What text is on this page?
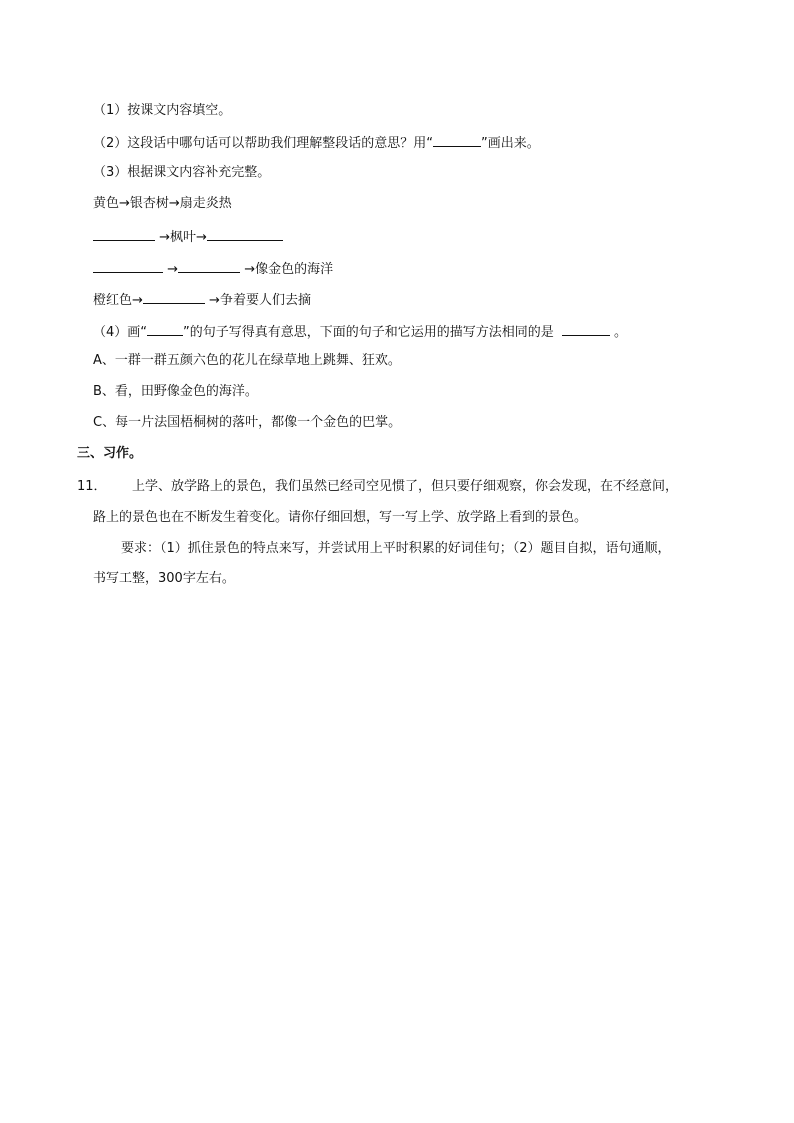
（1）按课文内容填空。
（2）这段话中哪句话可以帮助我们理解整段话的意思？用“	”画出来。
（3）根据课文内容补充完整。
黄色→银杏树→扇走炎热
→枫叶→
→	→像金色的海洋
橙红色→	→争着要人们去摘
（4）画“	”的句子写得真有意思，下面的句子和它运用的描写方法相同的是	。
A、一群一群五颜六色的花儿在绿草地上跳舞、狂欢。
B、看，田野像金色的海洋。
C、每一片法国梧桐树的落叶，都像一个金色的巴掌。
三、习作。
11． 上学、放学路上的景色，我们虽然已经司空见惯了，但只要仔细观察，你会发现，在不经意间，
路上的景色也在不断发生着变化。请你仔细回想，写一写上学、放学路上看到的景色。
要求：（1）抓住景色的特点来写，并尝试用上平时积累的好词佳句；（2）题目自拟，语句通顺，
书写工整，300字左右。
